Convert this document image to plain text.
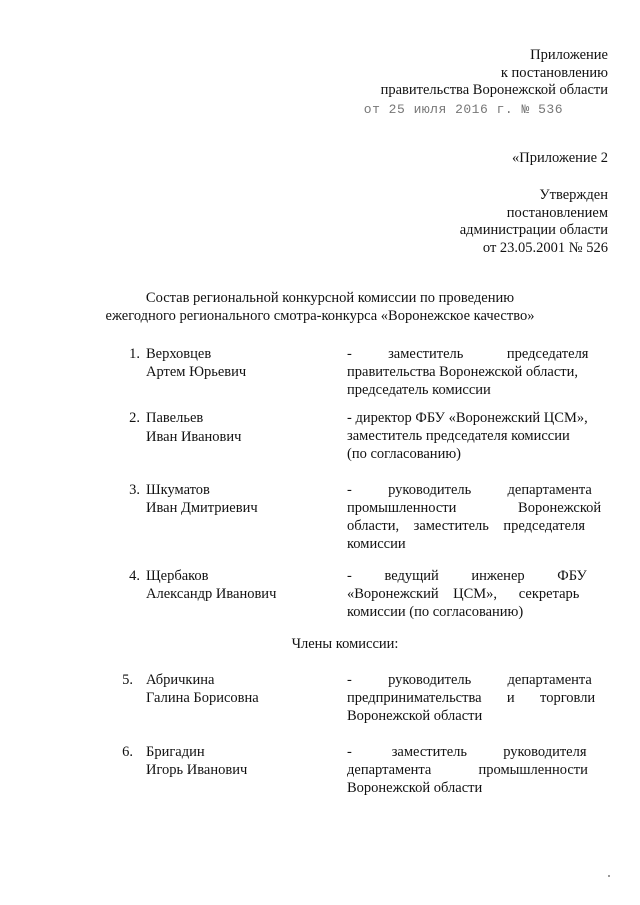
Приложение
к постановлению
правительства Воронежской области
от 25 июля 2016 г. № 536
«Приложение 2
Утвержден
постановлением
администрации области
от 23.05.2001 № 526
Состав региональной конкурсной комиссии по проведению
ежегодного регионального смотра-конкурса «Воронежское качество»
1. Верховцев
Артем Юрьевич
-          заместитель            председателя
правительства Воронежской области,
председатель комиссии
2. Павельев
Иван Иванович
- директор ФБУ «Воронежский ЦСМ»,
заместитель председателя комиссии
(по согласованию)
3. Шкуматов
Иван Дмитриевич
-          руководитель          департамента
промышленности                 Воронежской
области,    заместитель    председателя
комиссии
4. Щербаков
Александр Иванович
-         ведущий         инженер         ФБУ
«Воронежский    ЦСМ»,      секретарь
комиссии (по согласованию)
Члены комиссии:
5. Абричкина
Галина Борисовна
-          руководитель          департамента
предпринимательства       и       торговли
Воронежской области
6. Бригадин
Игорь Иванович
-           заместитель          руководителя
департамента             промышленности
Воронежской области
